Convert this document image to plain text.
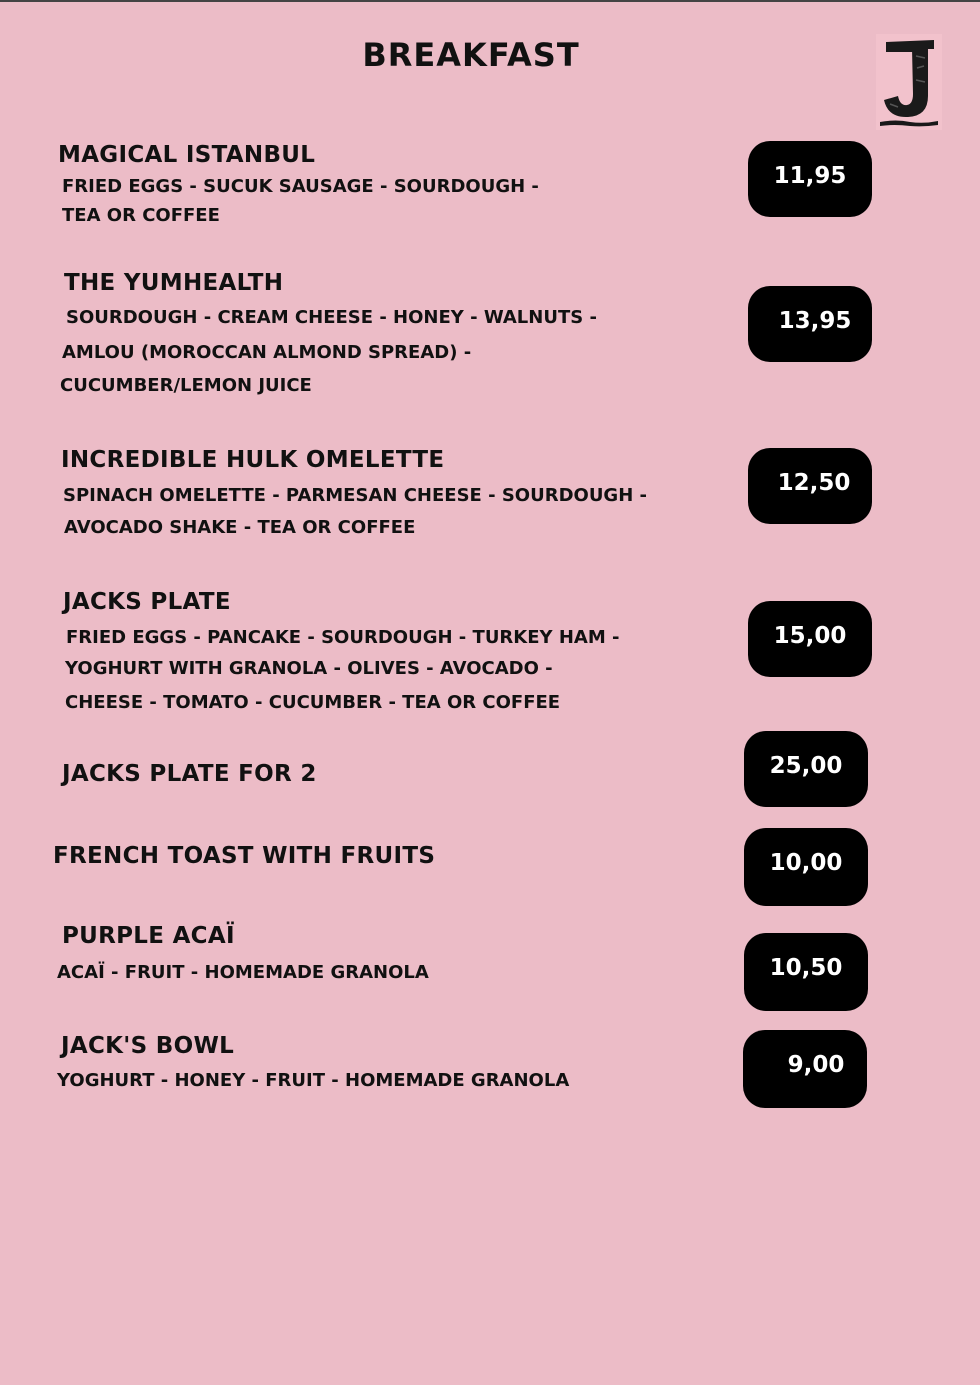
BREAKFAST
MAGICAL ISTANBUL
FRIED EGGS - SUCUK SAUSAGE - SOURDOUGH -
TEA OR COFFEE
11,95
THE YUMHEALTH
SOURDOUGH - CREAM CHEESE - HONEY - WALNUTS -
AMLOU (MOROCCAN ALMOND SPREAD) -
CUCUMBER/LEMON JUICE
13,95
INCREDIBLE HULK OMELETTE
SPINACH OMELETTE - PARMESAN CHEESE - SOURDOUGH -
AVOCADO SHAKE - TEA OR COFFEE
12,50
JACKS PLATE
FRIED EGGS - PANCAKE - SOURDOUGH - TURKEY HAM -
YOGHURT WITH GRANOLA - OLIVES - AVOCADO -
CHEESE - TOMATO - CUCUMBER - TEA OR COFFEE
15,00
JACKS PLATE FOR 2	25,00
FRENCH TOAST WITH FRUITS	10,00
PURPLE ACAÏ
ACAÏ - FRUIT - HOMEMADE GRANOLA	10,50
JACK'S BOWL
YOGHURT - HONEY - FRUIT - HOMEMADE GRANOLA
9,00
